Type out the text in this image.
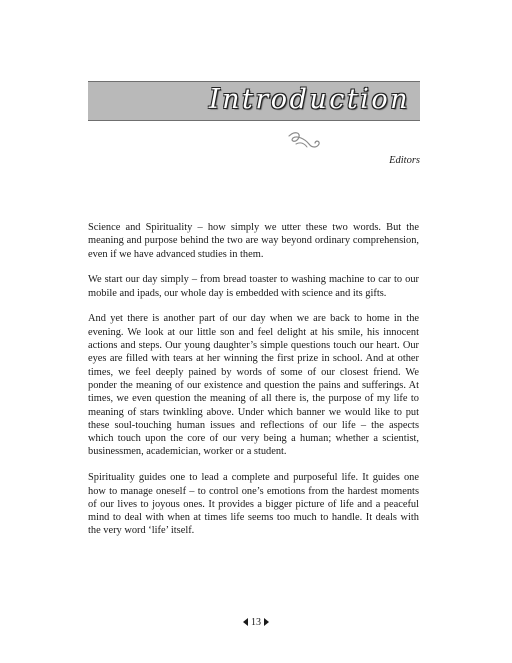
Introduction
Editors

Science and Spirituality – how simply we utter these two words. But the meaning and purpose behind the two are way beyond ordinary comprehension, even if we have advanced studies in them.

We start our day simply – from bread toaster to washing machine to car to our mobile and ipads, our whole day is embedded with science and its gifts.

And yet there is another part of our day when we are back to home in the evening. We look at our little son and feel delight at his smile, his innocent actions and steps. Our young daughter’s simple questions touch our heart. Our eyes are filled with tears at her winning the first prize in school. And at other times, we feel deeply pained by words of some of our closest friend. We ponder the meaning of our existence and question the pains and sufferings. At times, we even question the meaning of all there is, the purpose of my life to meaning of stars twinkling above. Under which banner we would like to put these soul-touching human issues and reflections of our life – the aspects which touch upon the core of our very being a human; whether a scientist, businessmen, academician, worker or a student.

Spirituality guides one to lead a complete and purposeful life. It guides one how to manage oneself – to control one’s emotions from the hardest moments of our lives to joyous ones. It provides a bigger picture of life and a peaceful mind to deal with when at times life seems too much to handle. It deals with the very word ‘life’ itself.

13
